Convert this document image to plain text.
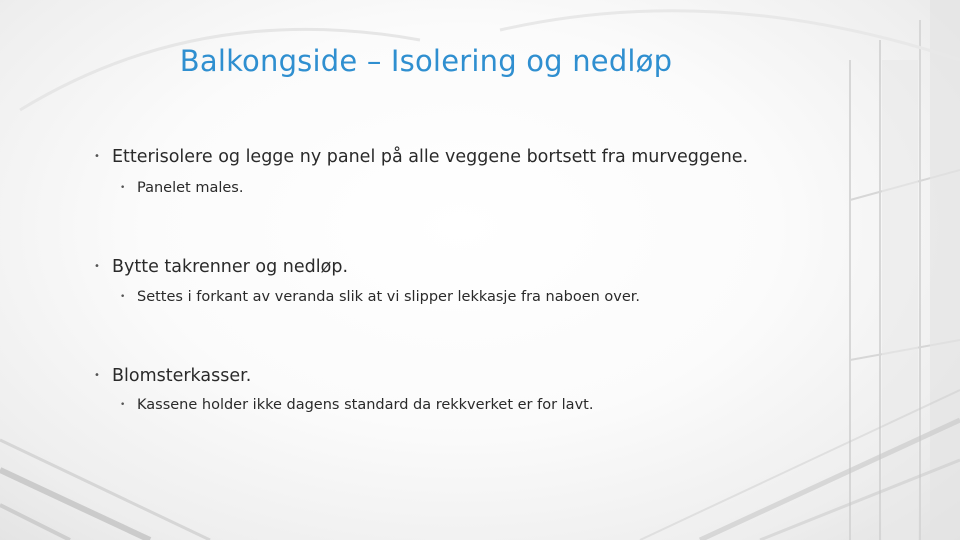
Balkongside – Isolering og nedløp
• Etterisolere og legge ny panel på alle veggene bortsett fra murveggene.
• Panelet males.
• Bytte takrenner og nedløp.
• Settes i forkant av veranda slik at vi slipper lekkasje fra naboen over.
• Blomsterkasser.
• Kassene holder ikke dagens standard da rekkverket er for lavt.
